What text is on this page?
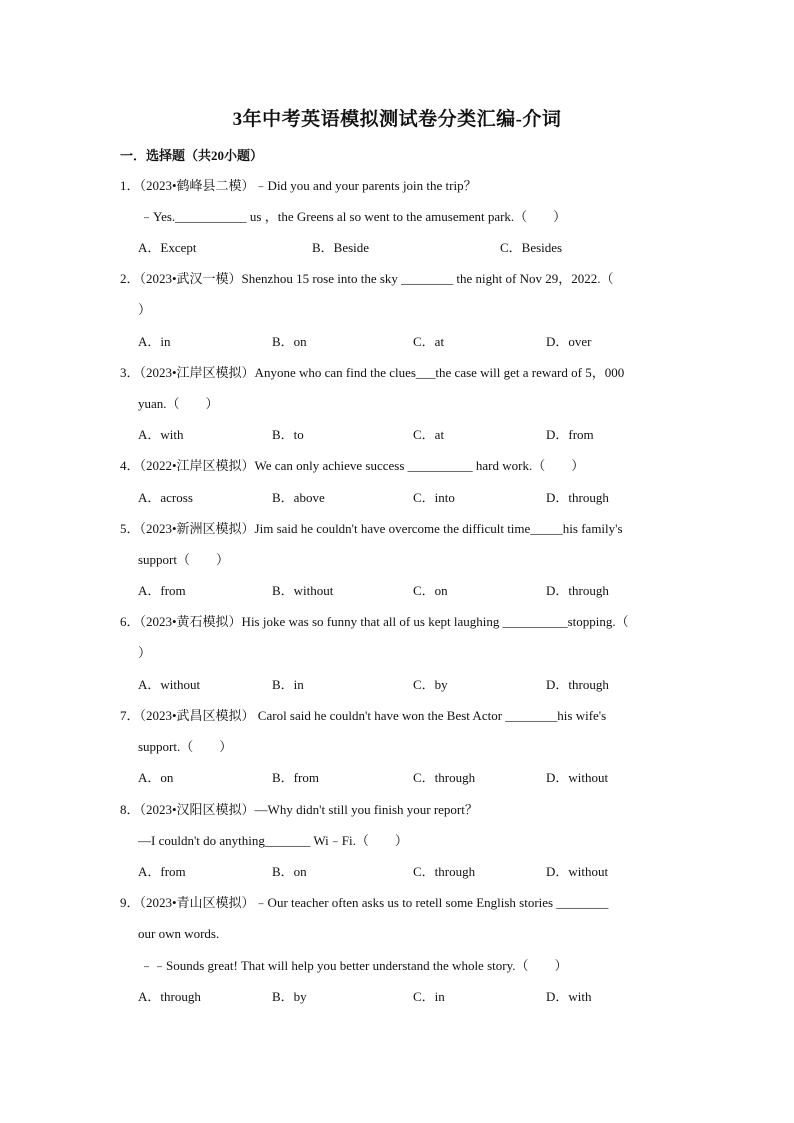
3年中考英语模拟测试卷分类汇编-介词
一．选择题（共20小题）
1．（2023•鹤峰县二模）﹣Did you and your parents join the trip？
﹣Yes.___________ us ，the Greens al so went to the amusement park.（　　）
A．Except	B．Beside	C．Besides
2．（2023•武汉一模）Shenzhou 15 rose into the sky ________ the night of Nov 29，2022.（
）
A．in	B．on	C．at	D．over
3．（2023•江岸区模拟）Anyone who can find the clues___the case will get a reward of 5，000
yuan.（　　）
A．with	B．to	C．at	D．from
4．（2022•江岸区模拟）We can only achieve success __________ hard work.（　　）
A．across	B．above	C．into	D．through
5．（2023•新洲区模拟）Jim said he couldn't have overcome the difficult time_____his family's
support（　　）
A．from	B．without	C．on	D．through
6．（2023•黄石模拟）His joke was so funny that all of us kept laughing __________stopping.（
）
A．without	B．in	C．by	D．through
7．（2023•武昌区模拟） Carol said he couldn't have won the Best Actor ________his wife's
support.（　　）
A．on	B．from	C．through	D．without
8．（2023•汉阳区模拟）—Why didn't still you finish your report？
—I couldn't do anything_______ Wi﹣Fi.（　　）
A．from	B．on	C．through	D．without
9．（2023•青山区模拟）﹣Our teacher often asks us to retell some English stories ________
our own words.
﹣﹣Sounds great! That will help you better understand the whole story.（　　）
A．through	B．by	C．in	D．with
